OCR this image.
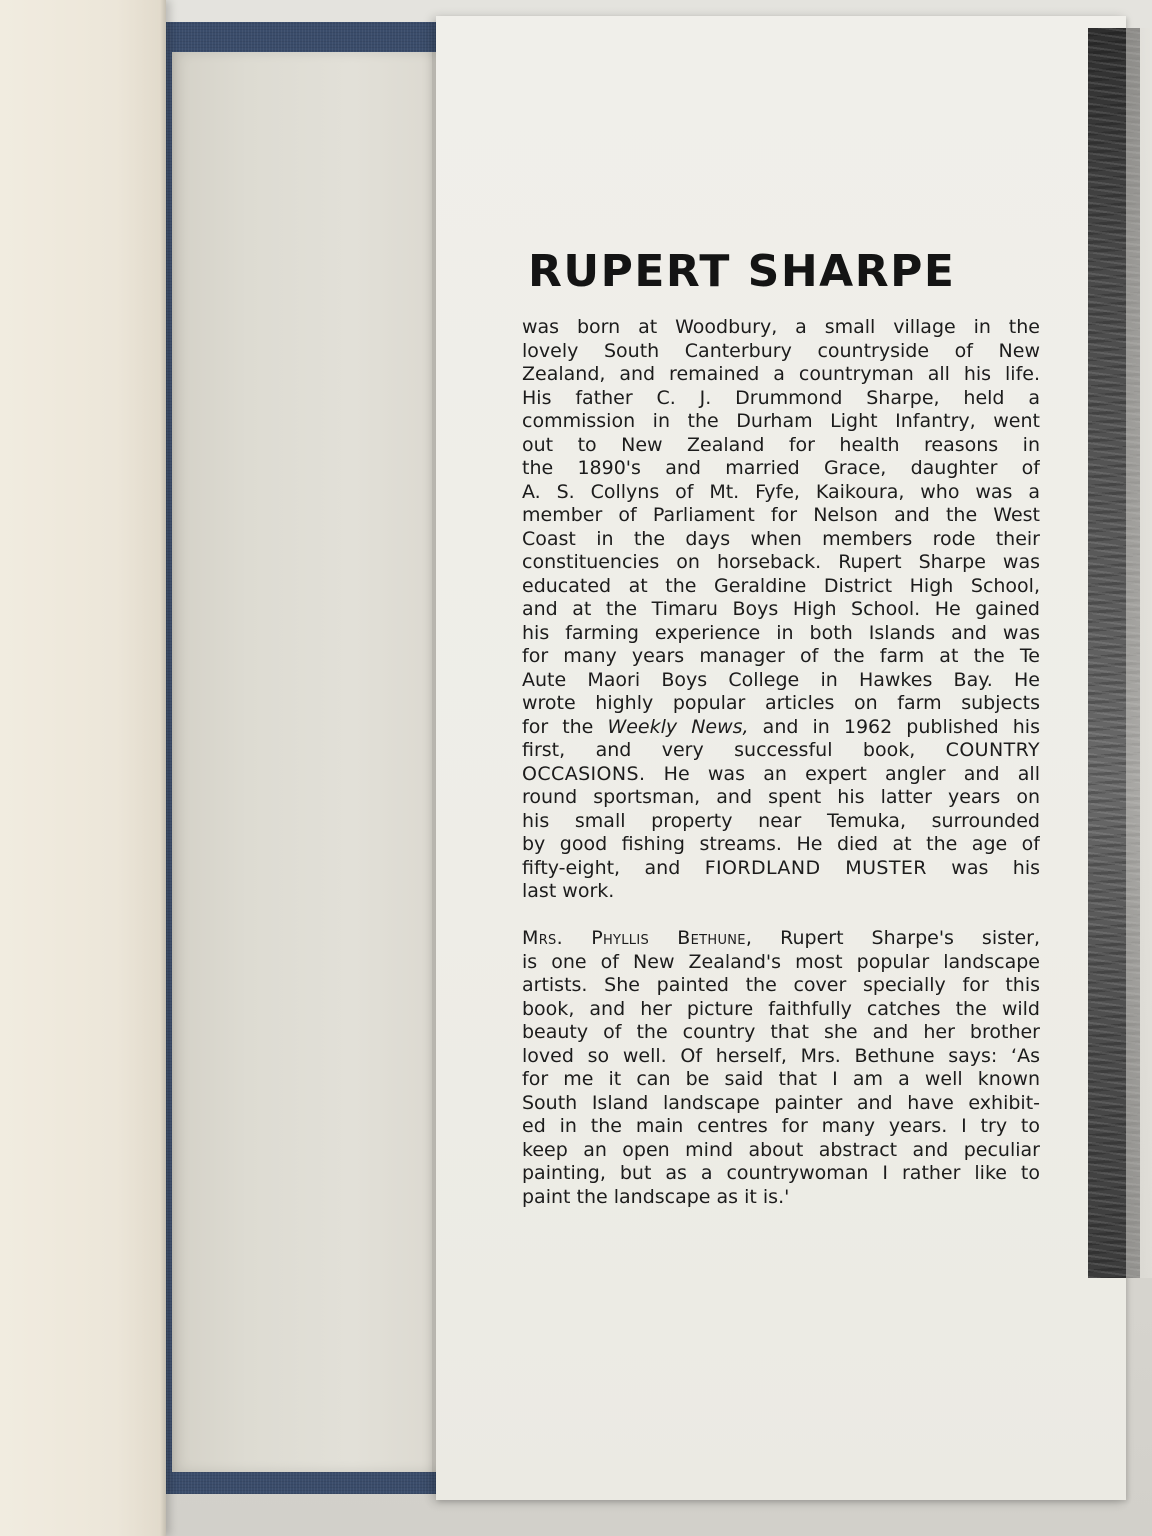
RUPERT SHARPE
was born at Woodbury, a small village in the
lovely South Canterbury countryside of New
Zealand, and remained a countryman all his life.
His father C. J. Drummond Sharpe, held a
commission in the Durham Light Infantry, went
out to New Zealand for health reasons in
the 1890's and married Grace, daughter of
A. S. Collyns of Mt. Fyfe, Kaikoura, who was a
member of Parliament for Nelson and the West
Coast in the days when members rode their
constituencies on horseback. Rupert Sharpe was
educated at the Geraldine District High School,
and at the Timaru Boys High School. He gained
his farming experience in both Islands and was
for many years manager of the farm at the Te
Aute Maori Boys College in Hawkes Bay. He
wrote highly popular articles on farm subjects
for the Weekly News, and in 1962 published his
first, and very successful book, COUNTRY
OCCASIONS. He was an expert angler and all
round sportsman, and spent his latter years on
his small property near Temuka, surrounded
by good fishing streams. He died at the age of
fifty-eight, and FIORDLAND MUSTER was his
last work.
Mrs. Phyllis Bethune, Rupert Sharpe's sister,
is one of New Zealand's most popular landscape
artists. She painted the cover specially for this
book, and her picture faithfully catches the wild
beauty of the country that she and her brother
loved so well. Of herself, Mrs. Bethune says: ‘As
for me it can be said that I am a well known
South Island landscape painter and have exhibit-
ed in the main centres for many years. I try to
keep an open mind about abstract and peculiar
painting, but as a countrywoman I rather like to
paint the landscape as it is.'
